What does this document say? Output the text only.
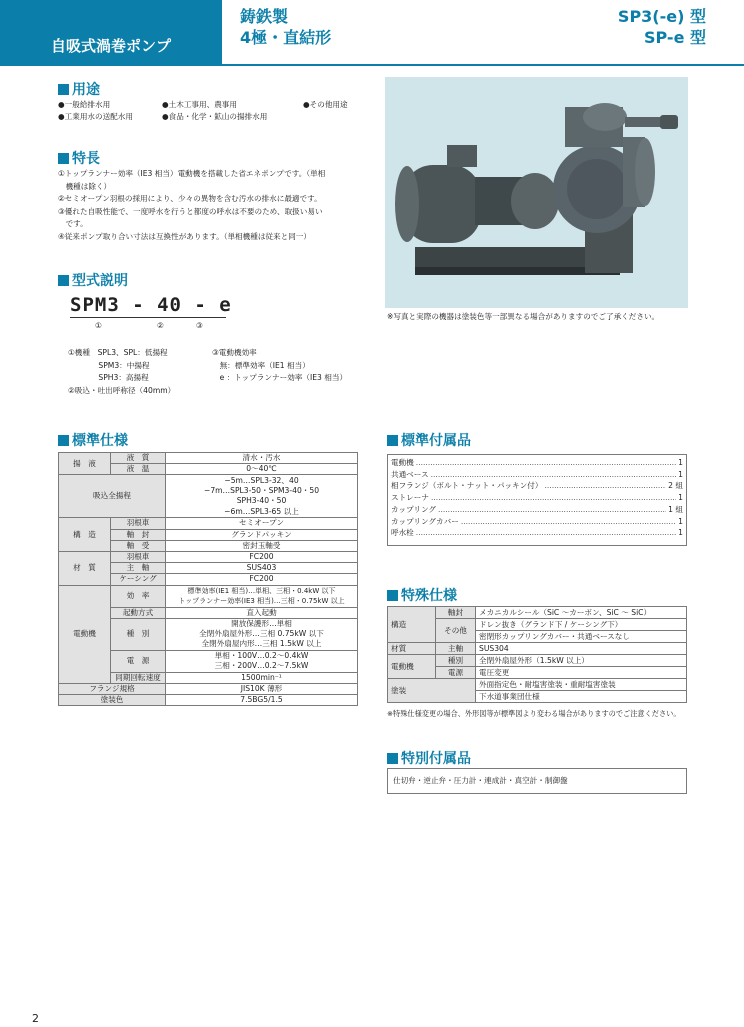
自吸式渦巻ポンプ
鋳鉄製
4極・直結形
SP3(-e) 型
SP-e 型
用途
●一般給排水用	●土木工事用、農事用	●その他用途
●工業用水の送配水用	●食品・化学・鉱山の揚排水用
特長
①トップランナー効率（IE3 相当）電動機を搭載した省エネポンプです。（単相
　機種は除く）
②セミオープン羽根の採用により、少々の異物を含む汚水の排水に最適です。
③優れた自吸性能で、一度呼水を行うと都度の呼水は不要のため、取扱い易い
　です。
④従来ポンプ取り合い寸法は互換性があります。（単相機種は従来と同一）
型式説明
SPM3 - 40 - e
①	②	③
①機種　SPL3、SPL：低揚程
　　　　SPM3：中揚程
　　　　SPH3：高揚程
②吸込・吐出呼称径（40mm）
③電動機効率
　無：標準効率（IE1 相当）
　e ：トップランナー効率（IE3 相当）
※写真と実際の機器は塗装色等一部異なる場合がありますのでご了承ください。
標準仕様
揚　液	液　質	清水・汚水
	液　温	0～40℃
吸込全揚程		−5m…SPL3-32、40
−7m…SPL3-50・SPM3-40・50
SPH3-40・50
−6m…SPL3-65 以上

構　造	羽根車	セミオープン
	軸　封	グランドパッキン
	軸　受	密封玉軸受
材　質	羽根車	FC200
	主　軸	SUS403
	ケーシング	FC200
電動機	効　率	標準効率(IE1 相当)…単相、三相・0.4kW 以下
トップランナー効率(IE3 相当)…三相・0.75kW 以上

	起動方式	直入起動
	種　別	開放保護形…単相
全閉外扇屋外形…三相 0.75kW 以下
全閉外扇屋内形…三相 1.5kW 以上

	電　源	単相・100V…0.2～0.4kW
三相・200V…0.2～7.5kW

	同期回転速度	1500min⁻¹
フランジ規格		JIS10K 薄形
塗装色		7.5BG5/1.5
標準付属品
電動機 .....	1
共通ベース .....	1
相フランジ（ボルト・ナット・パッキン付） .....	2 組
ストレーナ .....	1
カップリング .....	1 組
カップリングカバー .....	1
呼水栓 .....	1
特殊仕様
構造	軸封	メカニカルシール（SiC ～カーボン、SiC ～ SiC）
	その他	ドレン抜き（グランド下 / ケーシング下）
		密閉形カップリングカバー・共通ベースなし
材質	主軸	SUS304
電動機	種別	全閉外扇屋外形（1.5kW 以上）
	電源	電圧変更
塗装		外面指定色・耐塩害塗装・重耐塩害塗装
		下水道事業団仕様
※特殊仕様変更の場合、外形図等が標準図より変わる場合がありますのでご注意ください。
特別付属品
仕切弁・逆止弁・圧力計・連成計・真空計・制御盤
2
